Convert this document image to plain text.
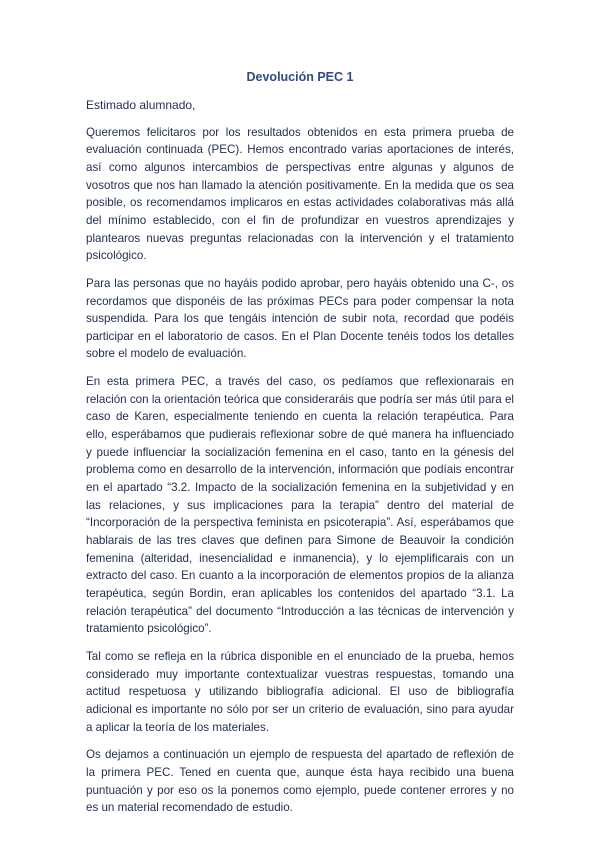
Devolución PEC 1
Estimado alumnado,

Queremos felicitaros por los resultados obtenidos en esta primera prueba de evaluación continuada (PEC). Hemos encontrado varias aportaciones de interés, así como algunos intercambios de perspectivas entre algunas y algunos de vosotros que nos han llamado la atención positivamente. En la medida que os sea posible, os recomendamos implicaros en estas actividades colaborativas más allá del mínimo establecido, con el fin de profundizar en vuestros aprendizajes y plantearos nuevas preguntas relacionadas con la intervención y el tratamiento psicológico.

Para las personas que no hayáis podido aprobar, pero hayáis obtenido una C-, os recordamos que disponéis de las próximas PECs para poder compensar la nota suspendida. Para los que tengáis intención de subir nota, recordad que podéis participar en el laboratorio de casos. En el Plan Docente tenéis todos los detalles sobre el modelo de evaluación.

En esta primera PEC, a través del caso, os pedíamos que reflexionarais en relación con la orientación teórica que consideraráis que podría ser más útil para el caso de Karen, especialmente teniendo en cuenta la relación terapéutica. Para ello, esperábamos que pudierais reflexionar sobre de qué manera ha influenciado y puede influenciar la socialización femenina en el caso, tanto en la génesis del problema como en desarrollo de la intervención, información que podíais encontrar en el apartado “3.2. Impacto de la socialización femenina en la subjetividad y en las relaciones, y sus implicaciones para la terapia” dentro del material de “Incorporación de la perspectiva feminista en psicoterapia”. Así, esperábamos que hablarais de las tres claves que definen para Simone de Beauvoir la condición femenina (alteridad, inesencialidad e inmanencia), y lo ejemplificarais con un extracto del caso. En cuanto a la incorporación de elementos propios de la alianza terapéutica, según Bordin, eran aplicables los contenidos del apartado “3.1. La relación terapéutica” del documento “Introducción a las técnicas de intervención y tratamiento psicológico”.

Tal como se refleja en la rúbrica disponible en el enunciado de la prueba, hemos considerado muy importante contextualizar vuestras respuestas, tomando una actitud respetuosa y utilizando bibliografía adicional. El uso de bibliografía adicional es importante no sólo por ser un criterio de evaluación, sino para ayudar a aplicar la teoría de los materiales.

Os dejamos a continuación un ejemplo de respuesta del apartado de reflexión de la primera PEC. Tened en cuenta que, aunque ésta haya recibido una buena puntuación y por eso os la ponemos como ejemplo, puede contener errores y no es un material recomendado de estudio.
